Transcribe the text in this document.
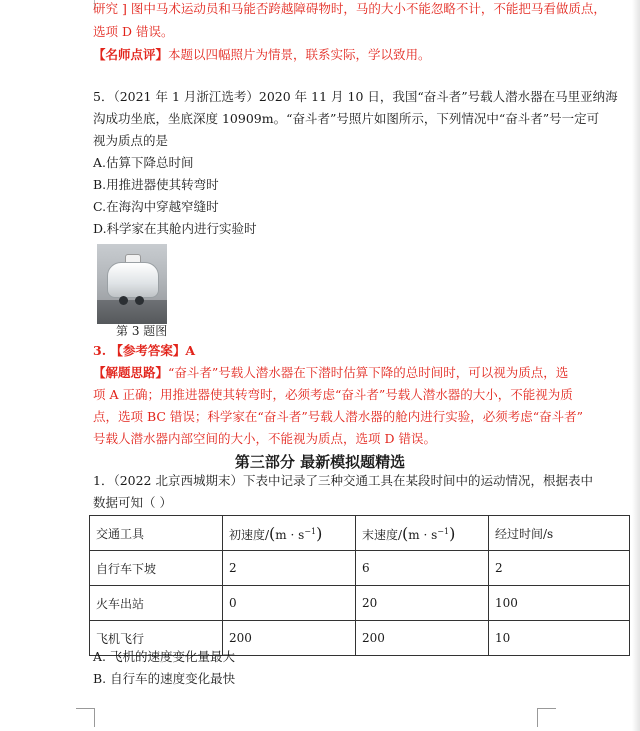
研究 ] 图中马术运动员和马能否跨越障碍物时，马的大小不能忽略不计，不能把马看做质点，
选项 D 错误。
【名师点评】本题以四幅照片为情景，联系实际，学以致用。
5．（2021 年 1 月浙江选考）2020 年 11 月 10 日，我国“奋斗者”号载人潜水器在马里亚纳海
沟成功坐底，坐底深度 10909m。“奋斗者”号照片如图所示，下列情况中“奋斗者”号一定可
视为质点的是
A.估算下降总时间
B.用推进器使其转弯时
C.在海沟中穿越窄缝时
D.科学家在其舱内进行实验时
第 3 题图
3. 【参考答案】A
【解题思路】“奋斗者”号载人潜水器在下潜时估算下降的总时间时，可以视为质点，选
项 A 正确；用推进器使其转弯时，必须考虑“奋斗者”号载人潜水器的大小，不能视为质
点，选项 BC 错误；科学家在“奋斗者”号载人潜水器的舱内进行实验，必须考虑“奋斗者”
号载人潜水器内部空间的大小，不能视为质点，选项 D 错误。
第三部分 最新模拟题精选
1．（2022 北京西城期末）下表中记录了三种交通工具在某段时间中的运动情况，根据表中
数据可知（ ）
交通工具	初速度$/(m \cdot s^{-1})$	末速度$/(m \cdot s^{-1})$	经过时间/s
自行车下坡	2	6	2
火车出站	0	20	100
飞机飞行	200	200	10
A. 飞机的速度变化量最大
B. 自行车的速度变化最快
